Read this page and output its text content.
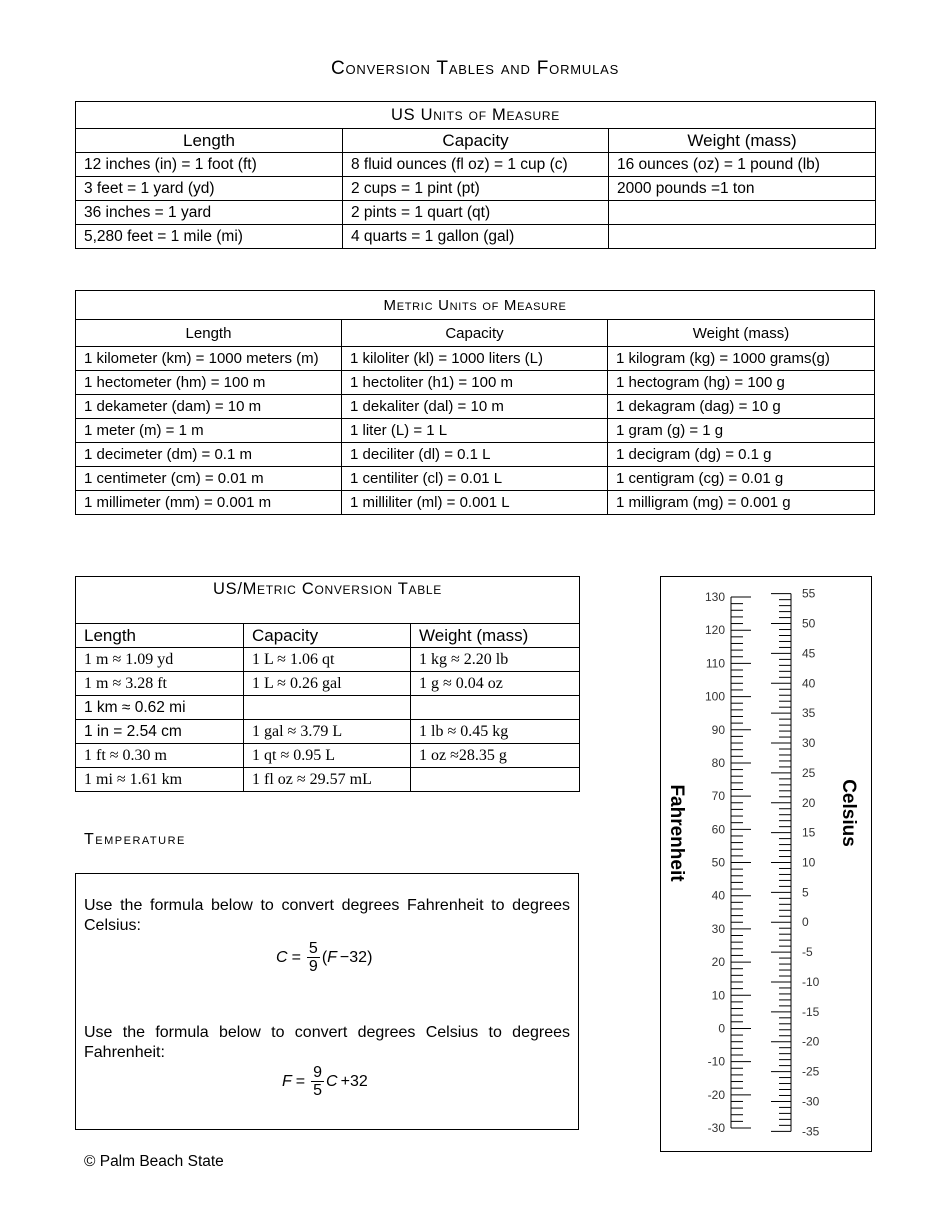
Conversion Tables and Formulas
US Units of Measure		
Length	Capacity	Weight (mass)
12 inches (in) = 1 foot (ft)	8 fluid ounces (fl oz) = 1 cup (c)	16 ounces (oz) = 1 pound (lb)
3 feet = 1 yard (yd)	2 cups = 1 pint (pt)	2000 pounds =1 ton
36 inches = 1 yard	2 pints = 1 quart (qt)	
5,280 feet = 1 mile (mi)	4 quarts = 1 gallon (gal)	
Metric Units of Measure		
Length	Capacity	Weight (mass)
1 kilometer (km) = 1000 meters (m)	1 kiloliter (kl) = 1000 liters (L)	1 kilogram (kg) = 1000 grams(g)
1 hectometer (hm) = 100 m	1 hectoliter (h1) = 100 m	1 hectogram (hg) = 100 g
1 dekameter (dam) = 10 m	1 dekaliter (dal) = 10 m	1 dekagram (dag) = 10 g
1 meter (m) = 1 m	1 liter (L) = 1 L	1 gram (g) = 1 g
1 decimeter (dm) = 0.1 m	1 deciliter (dl) = 0.1 L	1 decigram (dg) = 0.1 g
1 centimeter (cm) = 0.01 m	1 centiliter (cl) = 0.01 L	1 centigram (cg) = 0.01 g
1 millimeter (mm) = 0.001 m	1 milliliter (ml) = 0.001 L	1 milligram (mg) = 0.001 g
US/Metric Conversion Table		
Length	Capacity	Weight (mass)
1 m ≈ 1.09 yd	1 L ≈ 1.06 qt	1 kg ≈ 2.20 lb
1 m ≈ 3.28 ft	1 L ≈ 0.26 gal	1 g ≈ 0.04 oz
1 km ≈ 0.62 mi		
1 in = 2.54 cm	1 gal ≈ 3.79 L	1 lb ≈ 0.45 kg
1 ft ≈ 0.30 m	1 qt ≈ 0.95 L	1 oz ≈28.35 g
1 mi ≈ 1.61 km	1 fl oz ≈ 29.57 mL	
Temperature
Use the formula below to convert degrees Fahrenheit to degrees Celsius:
$C = \frac{5}{9}$ ( F −32 )
Use the formula below to convert degrees Celsius to degrees Fahrenheit:
$F = \frac{9}{5}$ C +32
130
120
110
100
90
80
70
60
50
40
30
20
10
0
-10
-20
-30
55
50
45
40
35
30
25
20
15
10
5
0
-5
-10
-15
-20
-25
-30
-35
Fahrenheit	Celsius
© Palm Beach State
